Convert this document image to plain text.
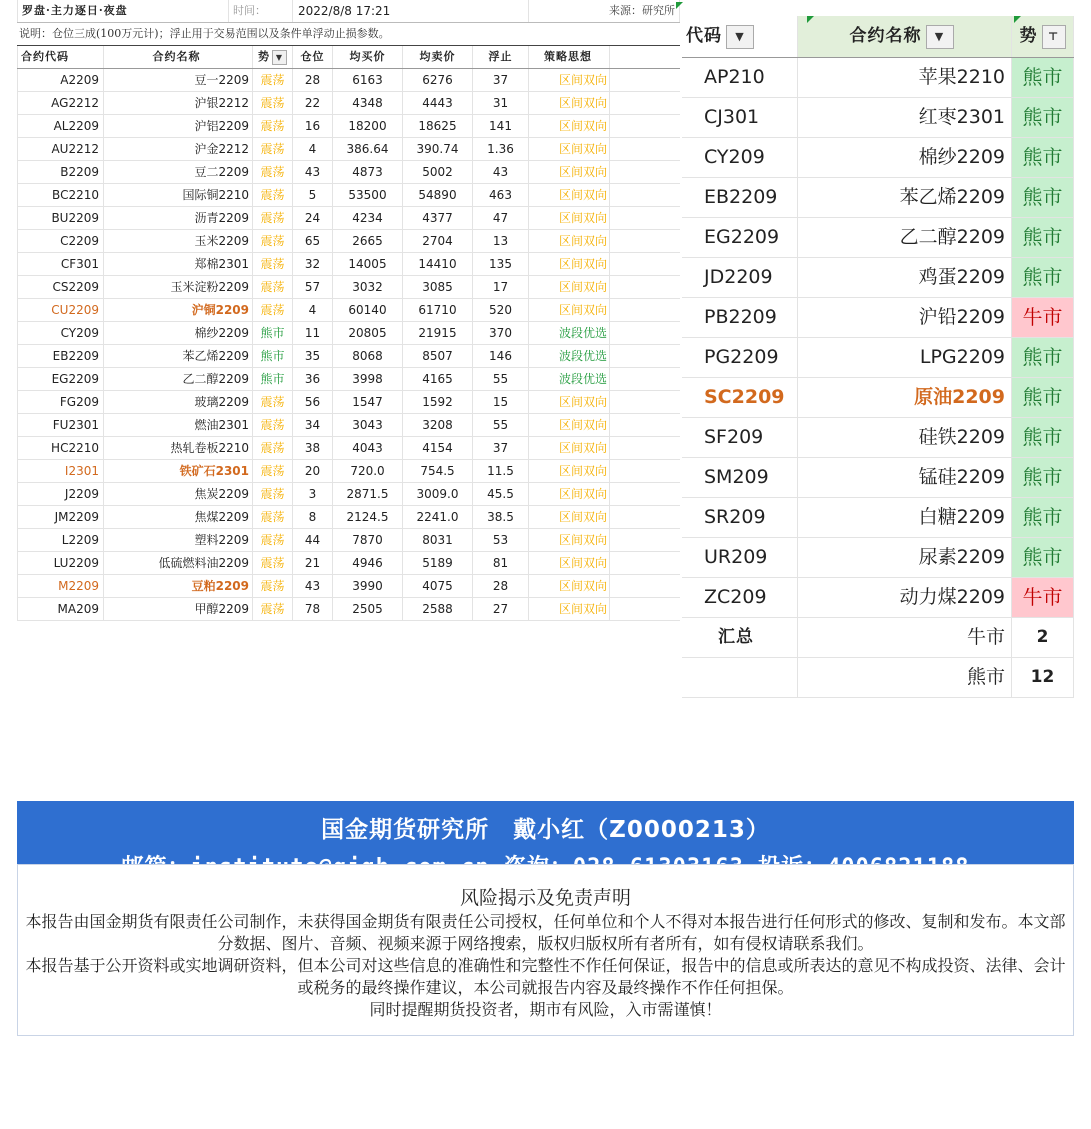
罗盘·主力逐日·夜盘	时间：	2022/8/8 17:21	来源：研究所
说明：仓位三成(100万元计)；浮止用于交易范围以及条件单浮动止损参数。
合约代码	合约名称	势 ▼	仓位	均买价	均卖价	浮止	策略思想
A2209	豆一2209 震荡	28	6163	6276	37	区间双向
AG2212	沪银2212 震荡	22	4348	4443	31	区间双向
AL2209	沪铝2209 震荡	16	18200	18625	141	区间双向
AU2212	沪金2212 震荡	4	386.64	390.74	1.36	区间双向
B2209	豆二2209 震荡	43	4873	5002	43	区间双向
BC2210	国际铜2210 震荡	5	53500	54890	463	区间双向
BU2209	沥青2209 震荡	24	4234	4377	47	区间双向
C2209	玉米2209 震荡	65	2665	2704	13	区间双向
CF301	郑棉2301 震荡	32	14005	14410	135	区间双向
CS2209	玉米淀粉2209 震荡	57	3032	3085	17	区间双向
CU2209	沪铜2209 震荡	4	60140	61710	520	区间双向
CY209	棉纱2209 熊市	11	20805	21915	370	波段优选
EB2209	苯乙烯2209 熊市	35	8068	8507	146	波段优选
EG2209	乙二醇2209 熊市	36	3998	4165	55	波段优选
FG209	玻璃2209 震荡	56	1547	1592	15	区间双向
FU2301	燃油2301 震荡	34	3043	3208	55	区间双向
HC2210	热轧卷板2210 震荡	38	4043	4154	37	区间双向
I2301	铁矿石2301 震荡	20	720.0	754.5	11.5	区间双向
J2209	焦炭2209 震荡	3	2871.5	3009.0	45.5	区间双向
JM2209	焦煤2209 震荡	8	2124.5	2241.0	38.5	区间双向
L2209	塑料2209 震荡	44	7870	8031	53	区间双向
LU2209	低硫燃料油2209 震荡	21	4946	5189	81	区间双向
M2209	豆粕2209 震荡	43	3990	4075	28	区间双向
MA209	甲醇2209 震荡	78	2505	2588	27	区间双向
代码 ▼	合约名称 ▼	势 ⊤
AP210	苹果2210 熊市
CJ301	红枣2301 熊市
CY209	棉纱2209 熊市
EB2209	苯乙烯2209 熊市
EG2209	乙二醇2209 熊市
JD2209	鸡蛋2209 熊市
PB2209	沪铅2209 牛市
PG2209	LPG2209 熊市
SC2209	原油2209 熊市
SF209	硅铁2209 熊市
SM209	锰硅2209 熊市
SR209	白糖2209 熊市
UR209	尿素2209 熊市
ZC209	动力煤2209 牛市
汇总	牛市	2
熊市	12
国金期货研究所　戴小红（Z0000213）
邮箱：institute@gjqh.com.cn 咨询：028-61303163 投诉：4006821188
风险揭示及免责声明

本报告由国金期货有限责任公司制作，未获得国金期货有限责任公司授权，任何单位和个人不得对本报告进行任何形式的修改、复制和发布。本文部分数据、图片、音频、视频来源于网络搜索，版权归版权所有者所有，如有侵权请联系我们。

本报告基于公开资料或实地调研资料，但本公司对这些信息的准确性和完整性不作任何保证，报告中的信息或所表达的意见不构成投资、法律、会计或税务的最终操作建议，本公司就报告内容及最终操作不作任何担保。

同时提醒期货投资者，期市有风险，入市需谨慎！
